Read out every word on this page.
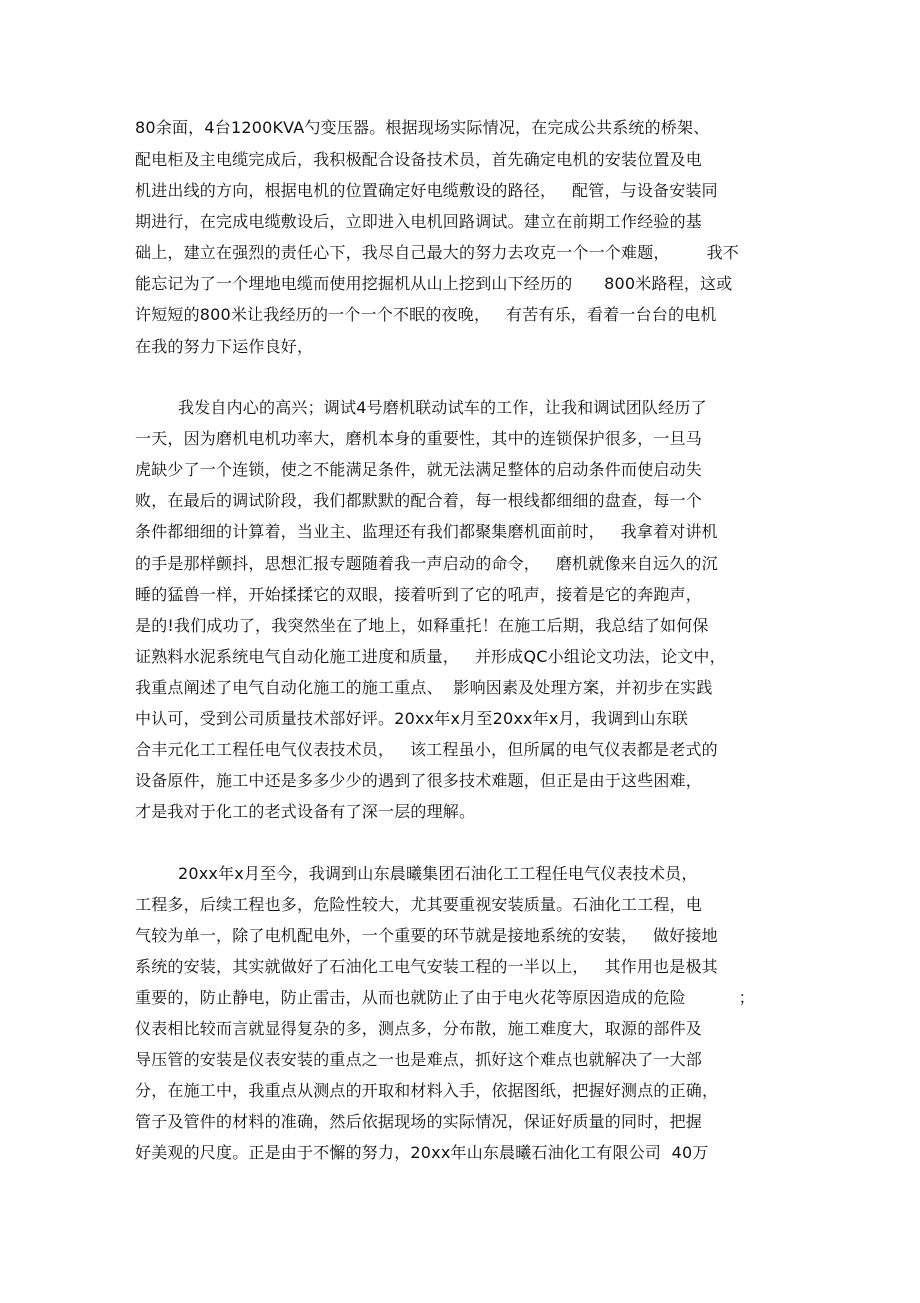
80余面，4台1200KVA勺变压器。根据现场实际情况，在完成公共系统的桥架、
配电柜及主电缆完成后，我积极配合设备技术员，首先确定电机的安装位置及电
机进出线的方向，根据电机的位置确定好电缆敷设的路径，   配管，与设备安装同
期进行，在完成电缆敷设后，立即进入电机回路调试。建立在前期工作经验的基
础上，建立在强烈的责任心下，我尽自己最大的努力去攻克一个一个难题，       我不
能忘记为了一个埋地电缆而使用挖掘机从山上挖到山下经历的      800米路程，这或
许短短的800米让我经历的一个一个不眠的夜晚，   有苦有乐，看着一台台的电机
在我的努力下运作良好，
我发自内心的高兴；调试4号磨机联动试车的工作，让我和调试团队经历了
一天，因为磨机电机功率大，磨机本身的重要性，其中的连锁保护很多，一旦马
虎缺少了一个连锁，使之不能满足条件，就无法满足整体的启动条件而使启动失
败，在最后的调试阶段，我们都默默的配合着，每一根线都细细的盘查，每一个
条件都细细的计算着，当业主、监理还有我们都聚集磨机面前时，   我拿着对讲机
的手是那样颤抖，思想汇报专题随着我一声启动的命令，   磨机就像来自远久的沉
睡的猛兽一样，开始揉揉它的双眼，接着听到了它的吼声，接着是它的奔跑声，
是的!我们成功了，我突然坐在了地上，如释重托！在施工后期，我总结了如何保
证熟料水泥系统电气自动化施工进度和质量，   并形成QC小组论文功法，论文中，
我重点阐述了电气自动化施工的施工重点、  影响因素及处理方案，并初步在实践
中认可，受到公司质量技术部好评。20xx年x月至20xx年x月，我调到山东联
合丰元化工工程任电气仪表技术员，   该工程虽小，但所属的电气仪表都是老式的
设备原件，施工中还是多多少少的遇到了很多技术难题，但正是由于这些困难，
才是我对于化工的老式设备有了深一层的理解。
20xx年x月至今，我调到山东晨曦集团石油化工工程任电气仪表技术员，
工程多，后续工程也多，危险性较大，尤其要重视安装质量。石油化工工程，电
气较为单一，除了电机配电外，一个重要的环节就是接地系统的安装，   做好接地
系统的安装，其实就做好了石油化工电气安装工程的一半以上，   其作用也是极其
重要的，防止静电，防止雷击，从而也就防止了由于电火花等原因造成的危险          ；
仪表相比较而言就显得复杂的多，测点多，分布散，施工难度大，取源的部件及
导压管的安装是仪表安装的重点之一也是难点，抓好这个难点也就解决了一大部
分，在施工中，我重点从测点的开取和材料入手，依据图纸，把握好测点的正确，
管子及管件的材料的准确，然后依据现场的实际情况，保证好质量的同时，把握
好美观的尺度。正是由于不懈的努力，20xx年山东晨曦石油化工有限公司  40万
